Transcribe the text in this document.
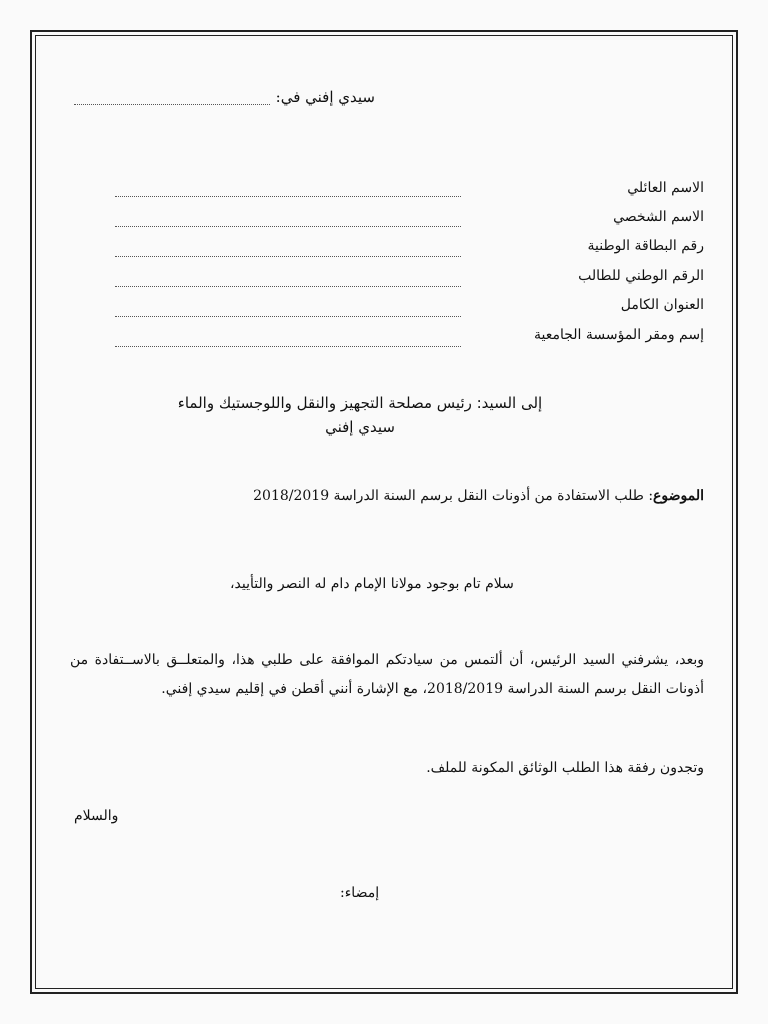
سيدي إفني في:
الاسم العائلي
الاسم الشخصي
رقم البطاقة الوطنية
الرقم الوطني للطالب
العنوان الكامل
إسم ومقر المؤسسة الجامعية
إلى السيد: رئيس مصلحة التجهيز والنقل واللوجستيك والماء
سيدي إفني
الموضوع: طلب الاستفادة من أذونات النقل برسم السنة الدراسة 2018/2019
سلام تام بوجود مولانا الإمام دام له النصر والتأييد،
وبعد، يشرفني السيد الرئيس، أن ألتمس من سيادتكم الموافقة على طلبي هذا، والمتعلــق بالاســتفادة من أذونات النقل برسم السنة الدراسة 2018/2019، مع الإشارة أنني أقطن في إقليم سيدي إفني.
وتجدون رفقة هذا الطلب الوثائق المكونة للملف.
والسلام
إمضاء:
